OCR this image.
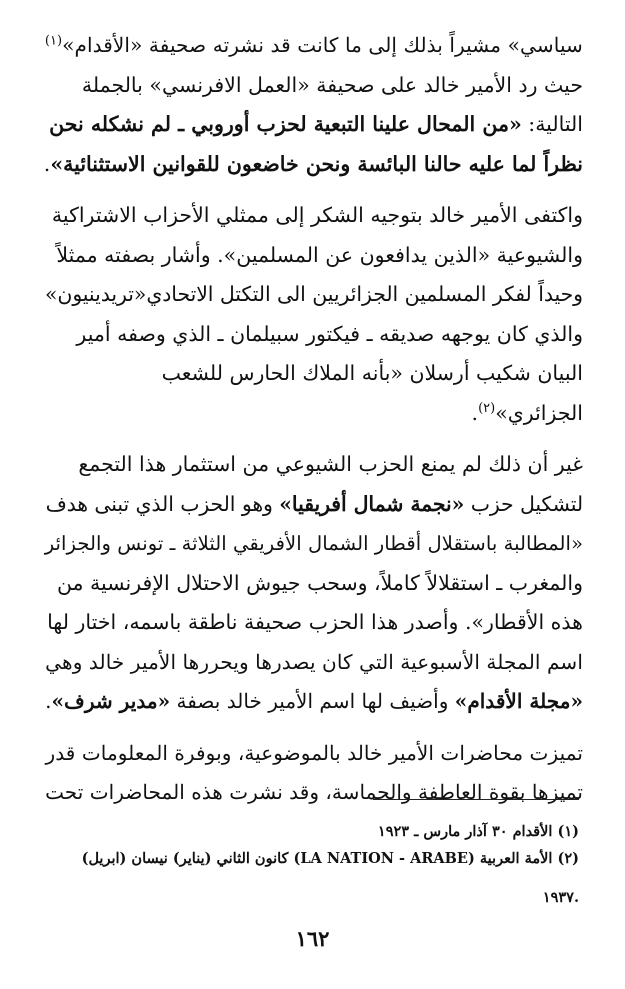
سياسي» مشيراً بذلك إلى ما كانت قد نشرته صحيفة «الأقدام»$^{(١)}$
حيث رد الأمير خالد على صحيفة «العمل الافرنسي» بالجملة
التالية: «من المحال علينا التبعية لحزب أوروبي ـ لم نشكله نحن
نظراً لما عليه حالنا البائسة ونحن خاضعون للقوانين الاستثنائية».

واكتفى الأمير خالد بتوجيه الشكر إلى ممثلي الأحزاب الاشتراكية
والشيوعية «الذين يدافعون عن المسلمين». وأشار بصفته ممثلاً
وحيداً لفكر المسلمين الجزائريين الى التكتل الاتحادي«تريدينيون»
والذي كان يوجهه صديقه ـ فيكتور سبيلمان ـ الذي وصفه أمير
البيان شكيب أرسلان «بأنه الملاك الحارس للشعب
الجزائري»$^{(٢)}$.

غير أن ذلك لم يمنع الحزب الشيوعي من استثمار هذا التجمع
لتشكيل حزب «نجمة شمال أفريقيا» وهو الحزب الذي تبنى هدف
«المطالبة باستقلال أقطار الشمال الأفريقي الثلاثة ـ تونس والجزائر
والمغرب ـ استقلالاً كاملاً، وسحب جيوش الاحتلال الإفرنسية من
هذه الأقطار». وأصدر هذا الحزب صحيفة ناطقة باسمه، اختار لها
اسم المجلة الأسبوعية التي كان يصدرها ويحررها الأمير خالد وهي
«مجلة الأقدام» وأضيف لها اسم الأمير خالد بصفة «مدير شرف».

تميزت محاضرات الأمير خالد بالموضوعية، وبوفرة المعلومات قدر
تميزها بقوة العاطفة والحماسة، وقد نشرت هذه المحاضرات تحت

(١) الأقدام ٣٠ آذار مارس ـ ١٩٢٣
(٢) الأمة العربية (LA NATION - ARABE) كانون الثاني (يناير) نيسان (ابريل)
.١٩٣٧
١٦٢
